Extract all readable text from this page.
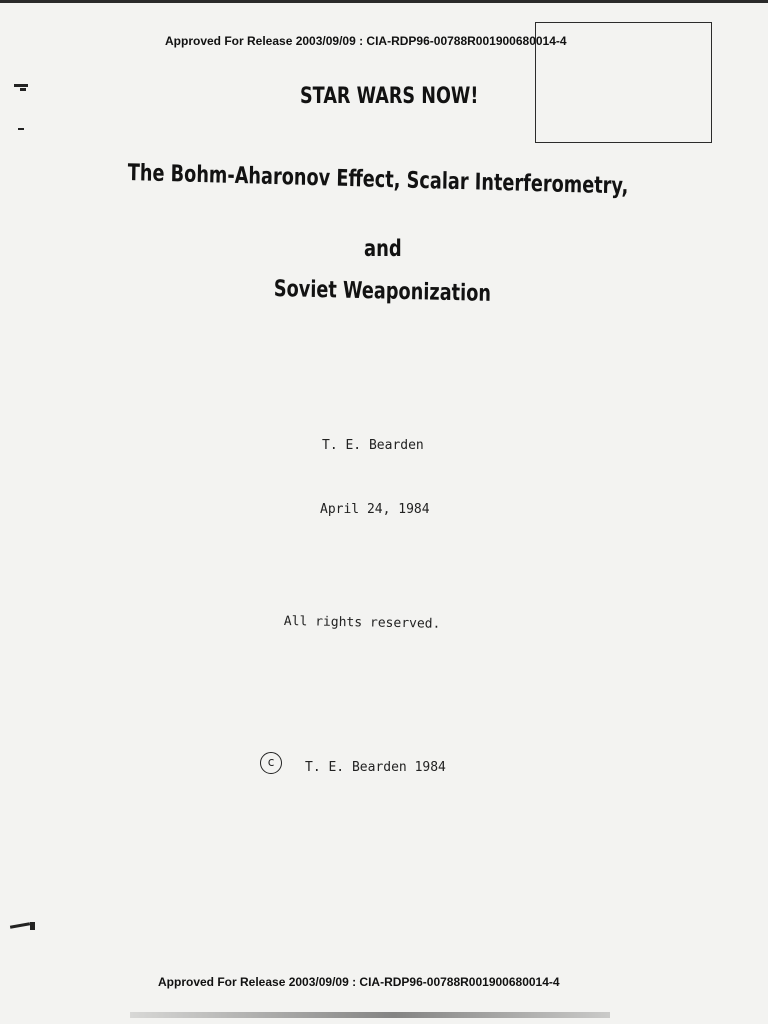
Approved For Release 2003/09/09 : CIA-RDP96-00788R001900680014-4
STAR WARS NOW!
The Bohm-Aharonov Effect, Scalar Interferometry,
and
Soviet Weaponization
T. E. Bearden
April 24, 1984
All rights reserved.
c	T. E. Bearden 1984
Approved For Release 2003/09/09 : CIA-RDP96-00788R001900680014-4
